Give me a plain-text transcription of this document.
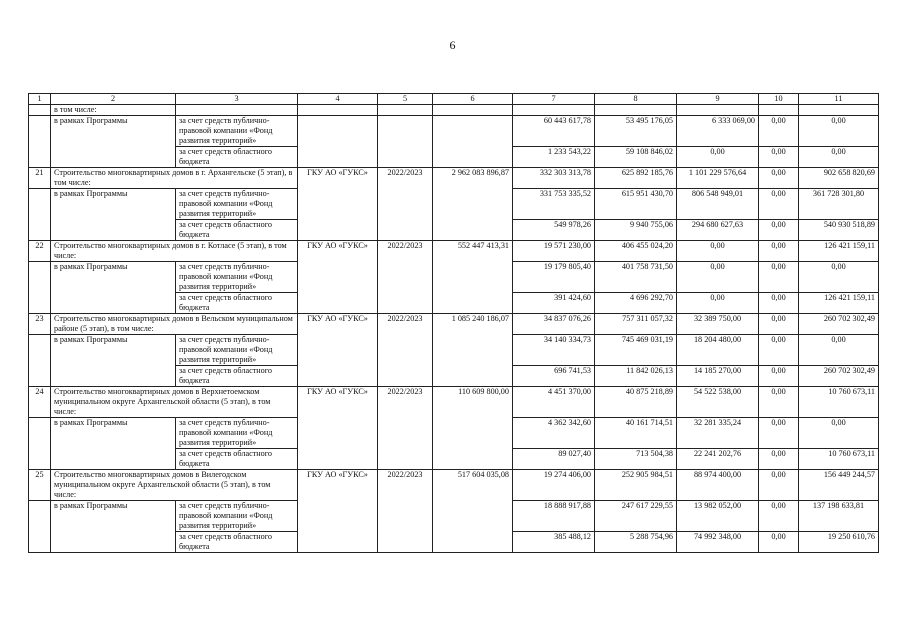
6
1	2	3	4	5	6	7	8	9	10	11
	в том числе:									
	в рамках Программы	за счет средств публично-правовой компании «Фонд развития территорий»				60 443 617,78	53 495 176,05	6 333 069,00	0,00	0,00
		за счет средств областного бюджета				1 233 543,22	59 108 846,02	0,00	0,00	0,00
21	Строительство многоквартирных домов в г. Архангельске (5 этап), в том числе:		ГКУ АО «ГУКС»	2022/2023	2 962 083 896,87	332 303 313,78	625 892 185,76	1 101 229 576,64	0,00	902 658 820,69
	в рамках Программы	за счет средств публично-правовой компании «Фонд развития территорий»				331 753 335,52	615 951 430,70	806 548 949,01	0,00	361 728 301,80
		за счет средств областного бюджета				549 978,26	9 940 755,06	294 680 627,63	0,00	540 930 518,89
22	Строительство многоквартирных домов в г. Котласе (5 этап), в том числе:		ГКУ АО «ГУКС»	2022/2023	552 447 413,31	19 571 230,00	406 455 024,20	0,00	0,00	126 421 159,11
	в рамках Программы	за счет средств публично-правовой компании «Фонд развития территорий»				19 179 805,40	401 758 731,50	0,00	0,00	0,00
		за счет средств областного бюджета				391 424,60	4 696 292,70	0,00	0,00	126 421 159,11
23	Строительство многоквартирных домов в Вельском муниципальном районе (5 этап), в том числе:		ГКУ АО «ГУКС»	2022/2023	1 085 240 186,07	34 837 076,26	757 311 057,32	32 389 750,00	0,00	260 702 302,49
	в рамках Программы	за счет средств публично-правовой компании «Фонд развития территорий»				34 140 334,73	745 469 031,19	18 204 480,00	0,00	0,00
		за счет средств областного бюджета				696 741,53	11 842 026,13	14 185 270,00	0,00	260 702 302,49
24	Строительство многоквартирных домов в Верхнетоемском муниципальном округе Архангельской области (5 этап), в том числе:		ГКУ АО «ГУКС»	2022/2023	110 609 800,00	4 451 370,00	40 875 218,89	54 522 538,00	0,00	10 760 673,11
	в рамках Программы	за счет средств публично-правовой компании «Фонд развития территорий»				4 362 342,60	40 161 714,51	32 281 335,24	0,00	0,00
		за счет средств областного бюджета				89 027,40	713 504,38	22 241 202,76	0,00	10 760 673,11
25	Строительство многоквартирных домов в Вилегодском муниципальном округе Архангельской области (5 этап), в том числе:		ГКУ АО «ГУКС»	2022/2023	517 604 035,08	19 274 406,00	252 905 984,51	88 974 400,00	0,00	156 449 244,57
	в рамках Программы	за счет средств публично-правовой компании «Фонд развития территорий»				18 888 917,88	247 617 229,55	13 982 052,00	0,00	137 198 633,81
		за счет средств областного бюджета				385 488,12	5 288 754,96	74 992 348,00	0,00	19 250 610,76
